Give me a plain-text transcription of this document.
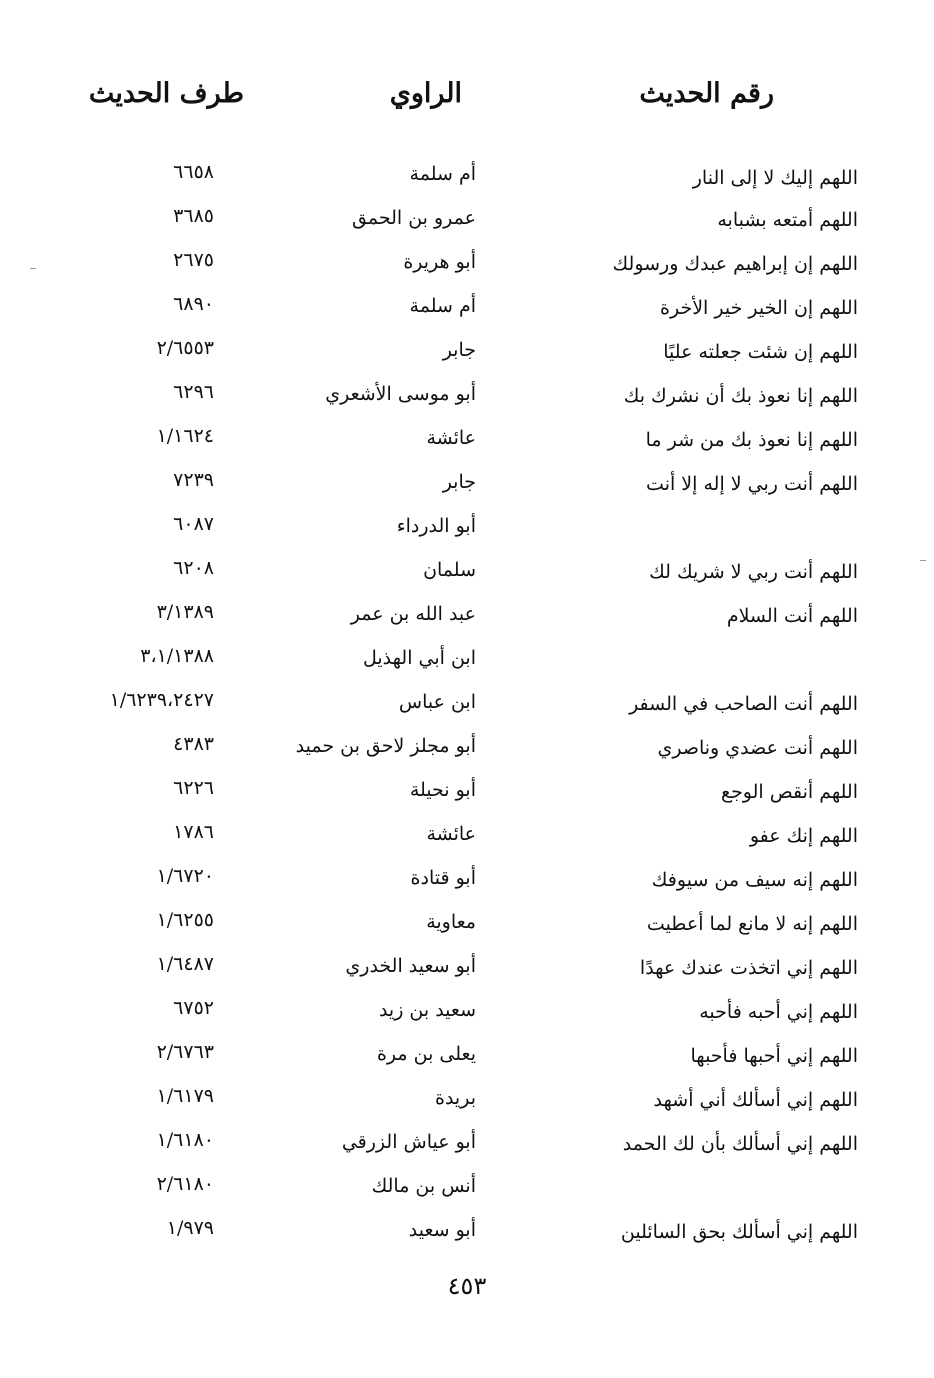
طرف الحديث	الراوي	رقم الحديث
اللهم إليك لا إلى النار
أم سلمة
٦٦٥٨
اللهم أمتعه بشبابه
عمرو بن الحمق
٣٦٨٥
اللهم إن إبراهيم عبدك ورسولك
أبو هريرة
٢٦٧٥
اللهم إن الخير خير الأخرة
أم سلمة
٦٨٩٠
اللهم إن شئت جعلته عليًا
جابر
٢/٦٥٥٣
اللهم إنا نعوذ بك أن نشرك بك
أبو موسى الأشعري
٦٢٩٦
اللهم إنا نعوذ بك من شر ما
عائشة
١/١٦٢٤
اللهم أنت ربي لا إله إلا أنت
جابر
٧٢٣٩
أبو الدرداء
٦٠٨٧
اللهم أنت ربي لا شريك لك
سلمان
٦٢٠٨
اللهم أنت السلام
عبد الله بن عمر
٣/١٣٨٩
ابن أبي الهذيل
٣،١/١٣٨٨
اللهم أنت الصاحب في السفر
ابن عباس
١/٦٢٣٩،٢٤٢٧
اللهم أنت عضدي وناصري
أبو مجلز لاحق بن حميد
٤٣٨٣
اللهم أنقص الوجع
أبو نحيلة
٦٢٢٦
اللهم إنك عفو
عائشة
١٧٨٦
اللهم إنه سيف من سيوفك
أبو قتادة
١/٦٧٢٠
اللهم إنه لا مانع لما أعطيت
معاوية
١/٦٢٥٥
اللهم إني اتخذت عندك عهدًا
أبو سعيد الخدري
١/٦٤٨٧
اللهم إني أحبه فأحبه
سعيد بن زيد
٦٧٥٢
اللهم إني أحبها فأحبها
يعلى بن مرة
٢/٦٧٦٣
اللهم إني أسألك أني أشهد
بريدة
١/٦١٧٩
اللهم إني أسألك بأن لك الحمد
أبو عياش الزرقي
١/٦١٨٠
أنس بن مالك
٢/٦١٨٠
اللهم إني أسألك بحق السائلين
أبو سعيد
١/٩٧٩
٤٥٣
